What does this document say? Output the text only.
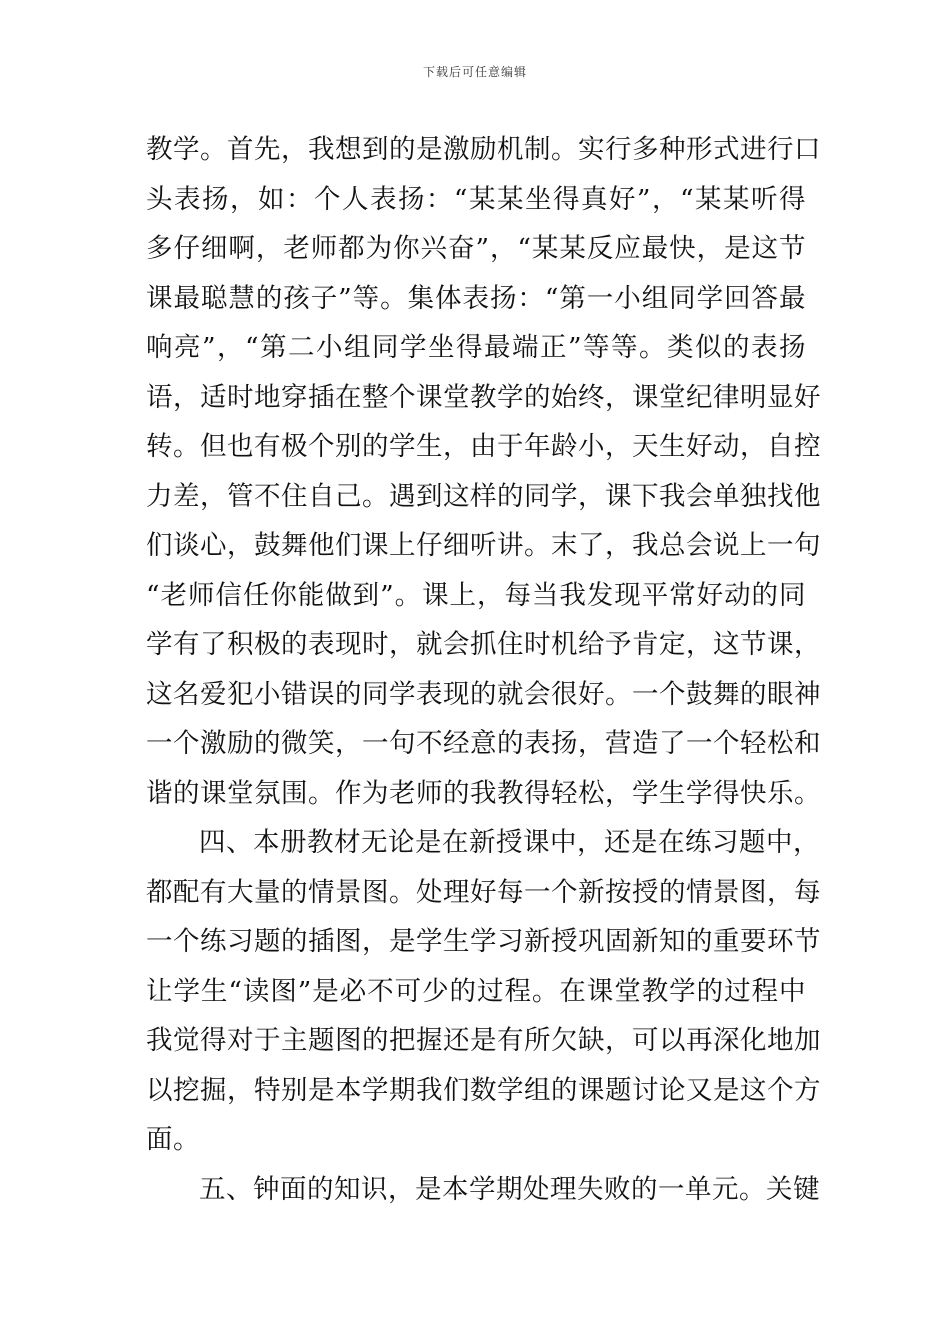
下载后可任意编辑
教学。首先，我想到的是激励机制。实行多种形式进行口
头表扬，如：个人表扬：“某某坐得真好”，“某某听得
多仔细啊，老师都为你兴奋”，“某某反应最快，是这节
课最聪慧的孩子”等。集体表扬：“第一小组同学回答最
响亮”，“第二小组同学坐得最端正”等等。类似的表扬
语，适时地穿插在整个课堂教学的始终，课堂纪律明显好
转。但也有极个别的学生，由于年龄小，天生好动，自控
力差，管不住自己。遇到这样的同学，课下我会单独找他
们谈心，鼓舞他们课上仔细听讲。末了，我总会说上一句
“老师信任你能做到”。课上，每当我发现平常好动的同
学有了积极的表现时，就会抓住时机给予肯定，这节课，
这名爱犯小错误的同学表现的就会很好。一个鼓舞的眼神
一个激励的微笑，一句不经意的表扬，营造了一个轻松和
谐的课堂氛围。作为老师的我教得轻松，学生学得快乐。
四、本册教材无论是在新授课中，还是在练习题中，
都配有大量的情景图。处理好每一个新按授的情景图，每
一个练习题的插图，是学生学习新授巩固新知的重要环节
让学生“读图”是必不可少的过程。在课堂教学的过程中
我觉得对于主题图的把握还是有所欠缺，可以再深化地加
以挖掘，特别是本学期我们数学组的课题讨论又是这个方
面。
五、钟面的知识，是本学期处理失败的一单元。关键
